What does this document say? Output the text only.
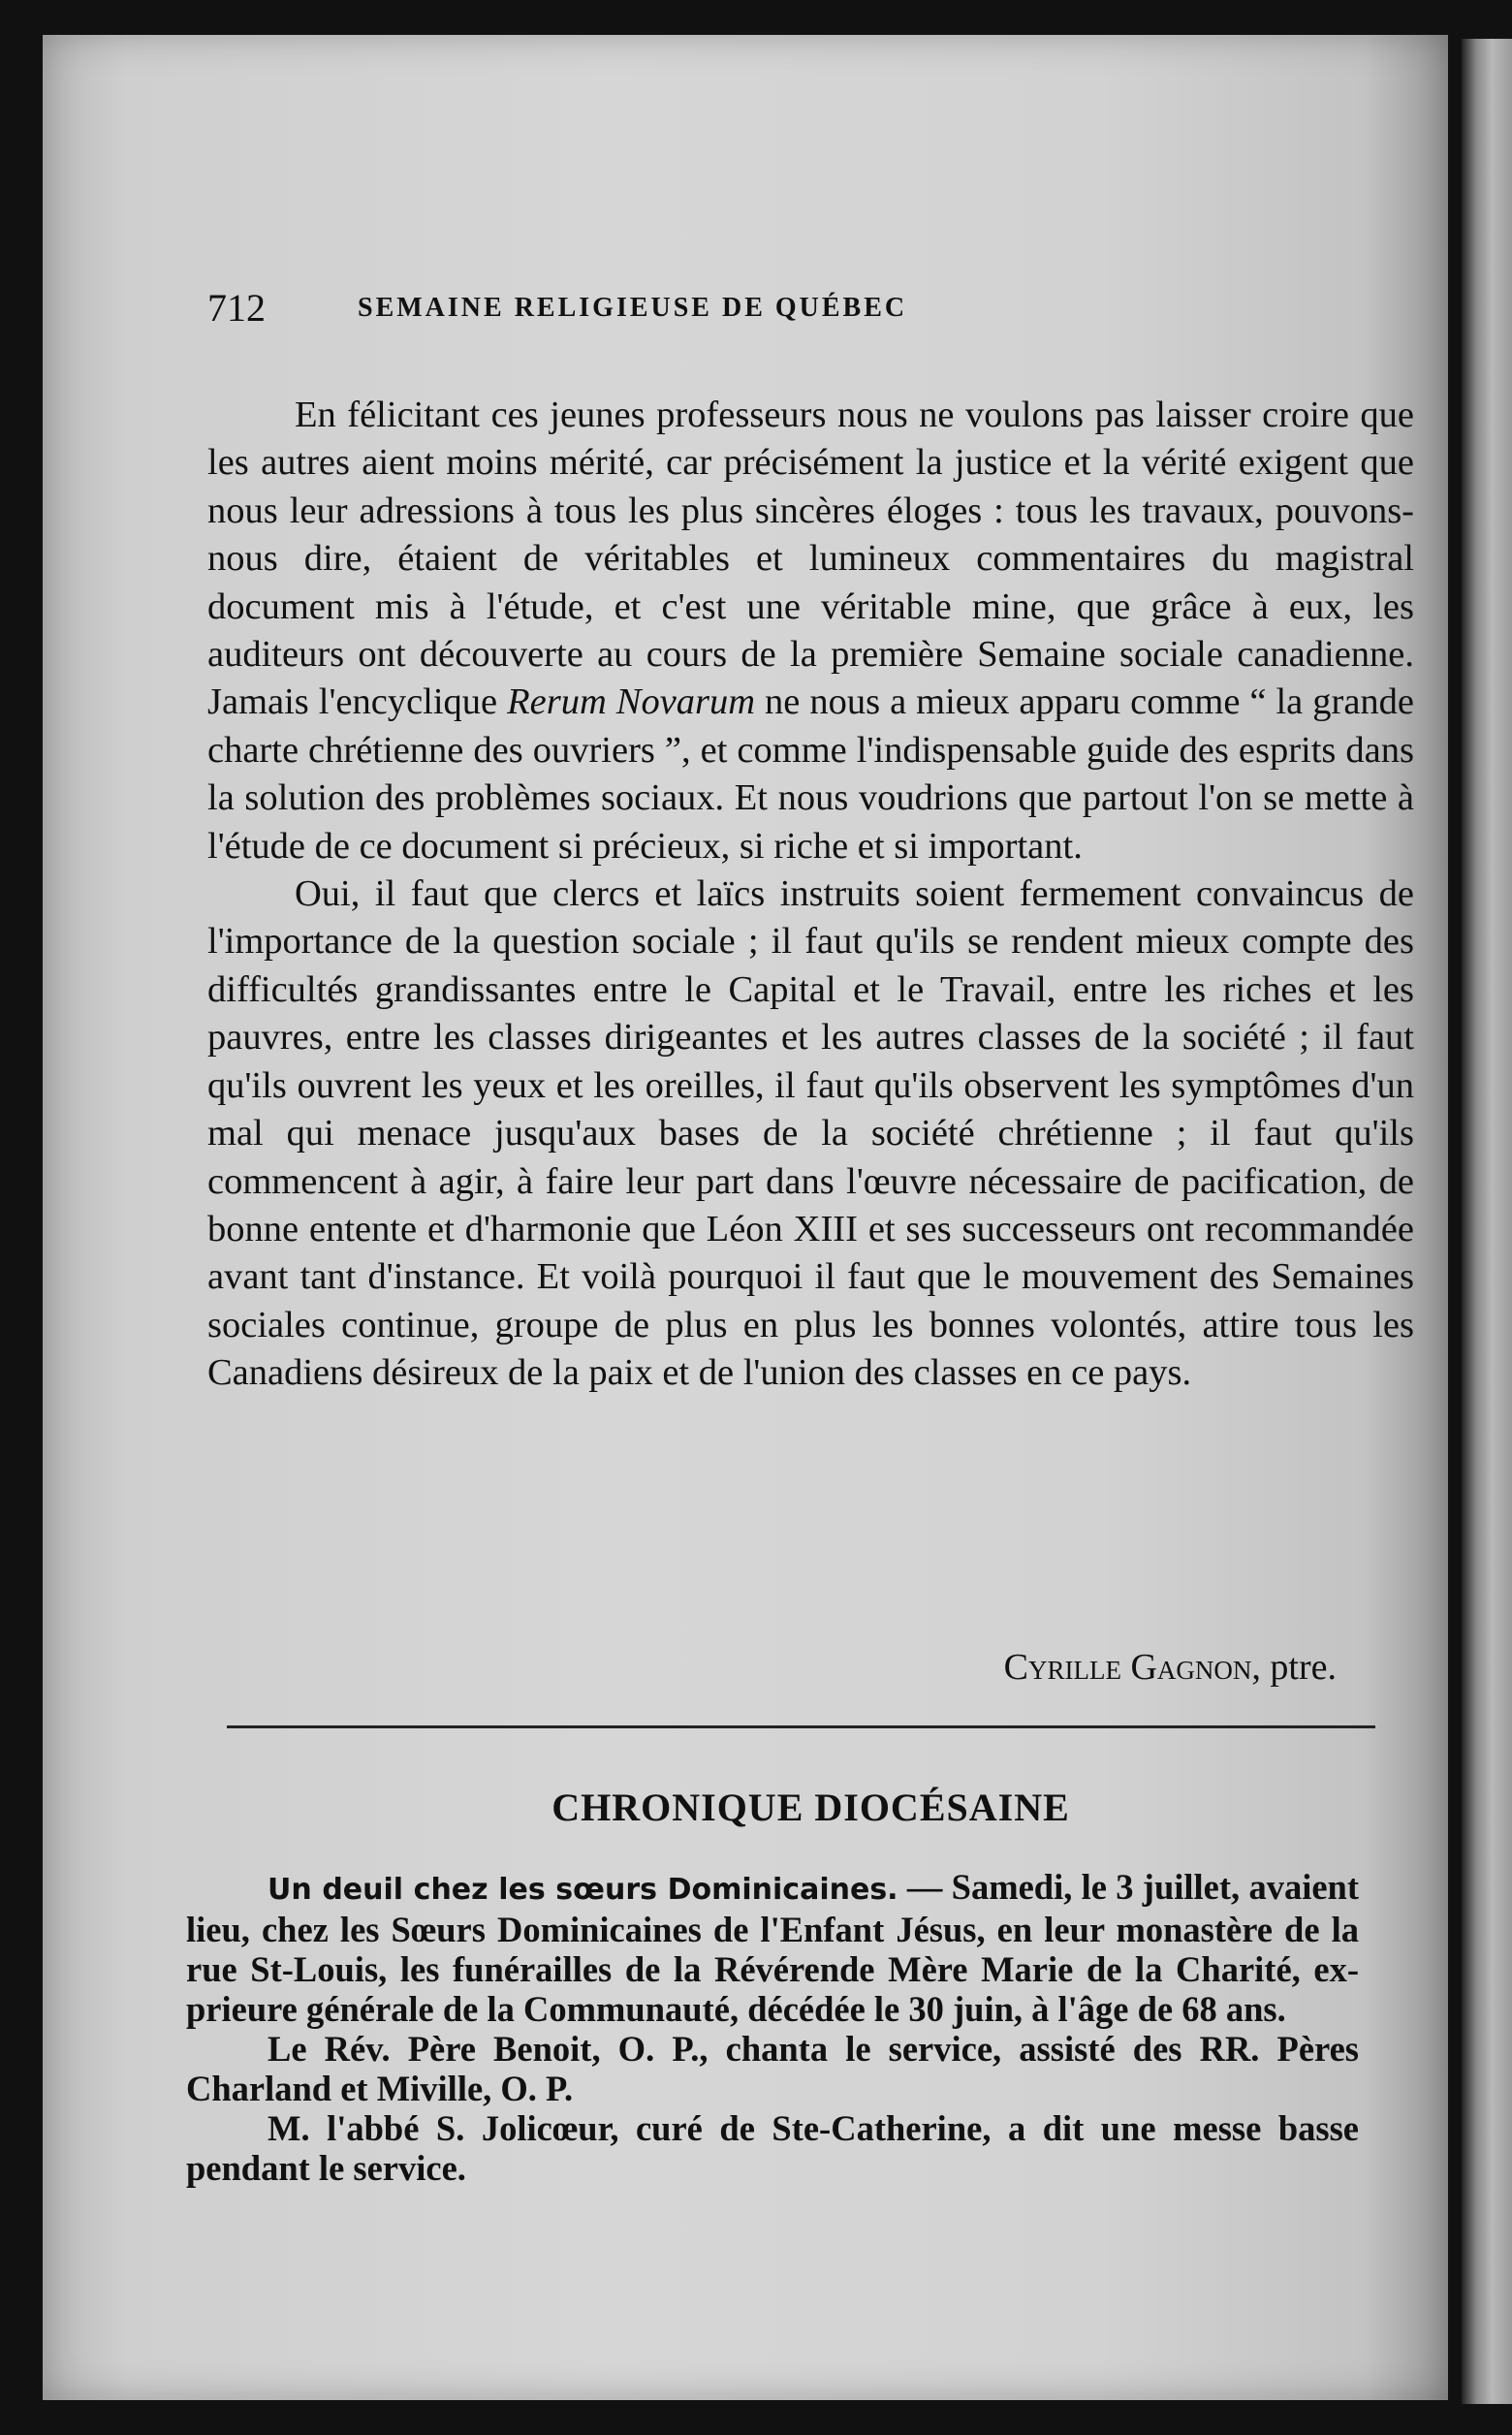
712	SEMAINE RELIGIEUSE DE QUÉBEC

En félicitant ces jeunes professeurs nous ne voulons pas laisser croire que les autres aient moins mérité, car précisément la justice et la vérité exigent que nous leur adressions à tous les plus sincères éloges : tous les travaux, pouvons-nous dire, étaient de véritables et lumineux commentaires du magistral document mis à l'étude, et c'est une véritable mine, que grâce à eux, les auditeurs ont découverte au cours de la première Semaine sociale canadienne. Jamais l'encyclique Rerum Novarum ne nous a mieux apparu comme “ la grande charte chrétienne des ouvriers ”, et comme l'indispensable guide des esprits dans la solution des problèmes sociaux. Et nous voudrions que partout l'on se mette à l'étude de ce document si précieux, si riche et si important.

Oui, il faut que clercs et laïcs instruits soient fermement convaincus de l'importance de la question sociale ; il faut qu'ils se rendent mieux compte des difficultés grandissantes entre le Capital et le Travail, entre les riches et les pauvres, entre les classes dirigeantes et les autres classes de la société ; il faut qu'ils ouvrent les yeux et les oreilles, il faut qu'ils observent les symptômes d'un mal qui menace jusqu'aux bases de la société chrétienne ; il faut qu'ils commencent à agir, à faire leur part dans l'œuvre nécessaire de pacification, de bonne entente et d'harmonie que Léon XIII et ses successeurs ont recommandée avant tant d'instance. Et voilà pourquoi il faut que le mouvement des Semaines sociales continue, groupe de plus en plus les bonnes volontés, attire tous les Canadiens désireux de la paix et de l'union des classes en ce pays.

Cyrille Gagnon, ptre.
CHRONIQUE DIOCÉSAINE

Un deuil chez les sœurs Dominicaines. — Samedi, le 3 juillet, avaient lieu, chez les Sœurs Dominicaines de l'Enfant Jésus, en leur monastère de la rue St-Louis, les funérailles de la Révérende Mère Marie de la Charité, ex-prieure générale de la Communauté, décédée le 30 juin, à l'âge de 68 ans.

Le Rév. Père Benoit, O. P., chanta le service, assisté des RR. Pères Charland et Miville, O. P.

M. l'abbé S. Jolicœur, curé de Ste-Catherine, a dit une messe basse pendant le service.
